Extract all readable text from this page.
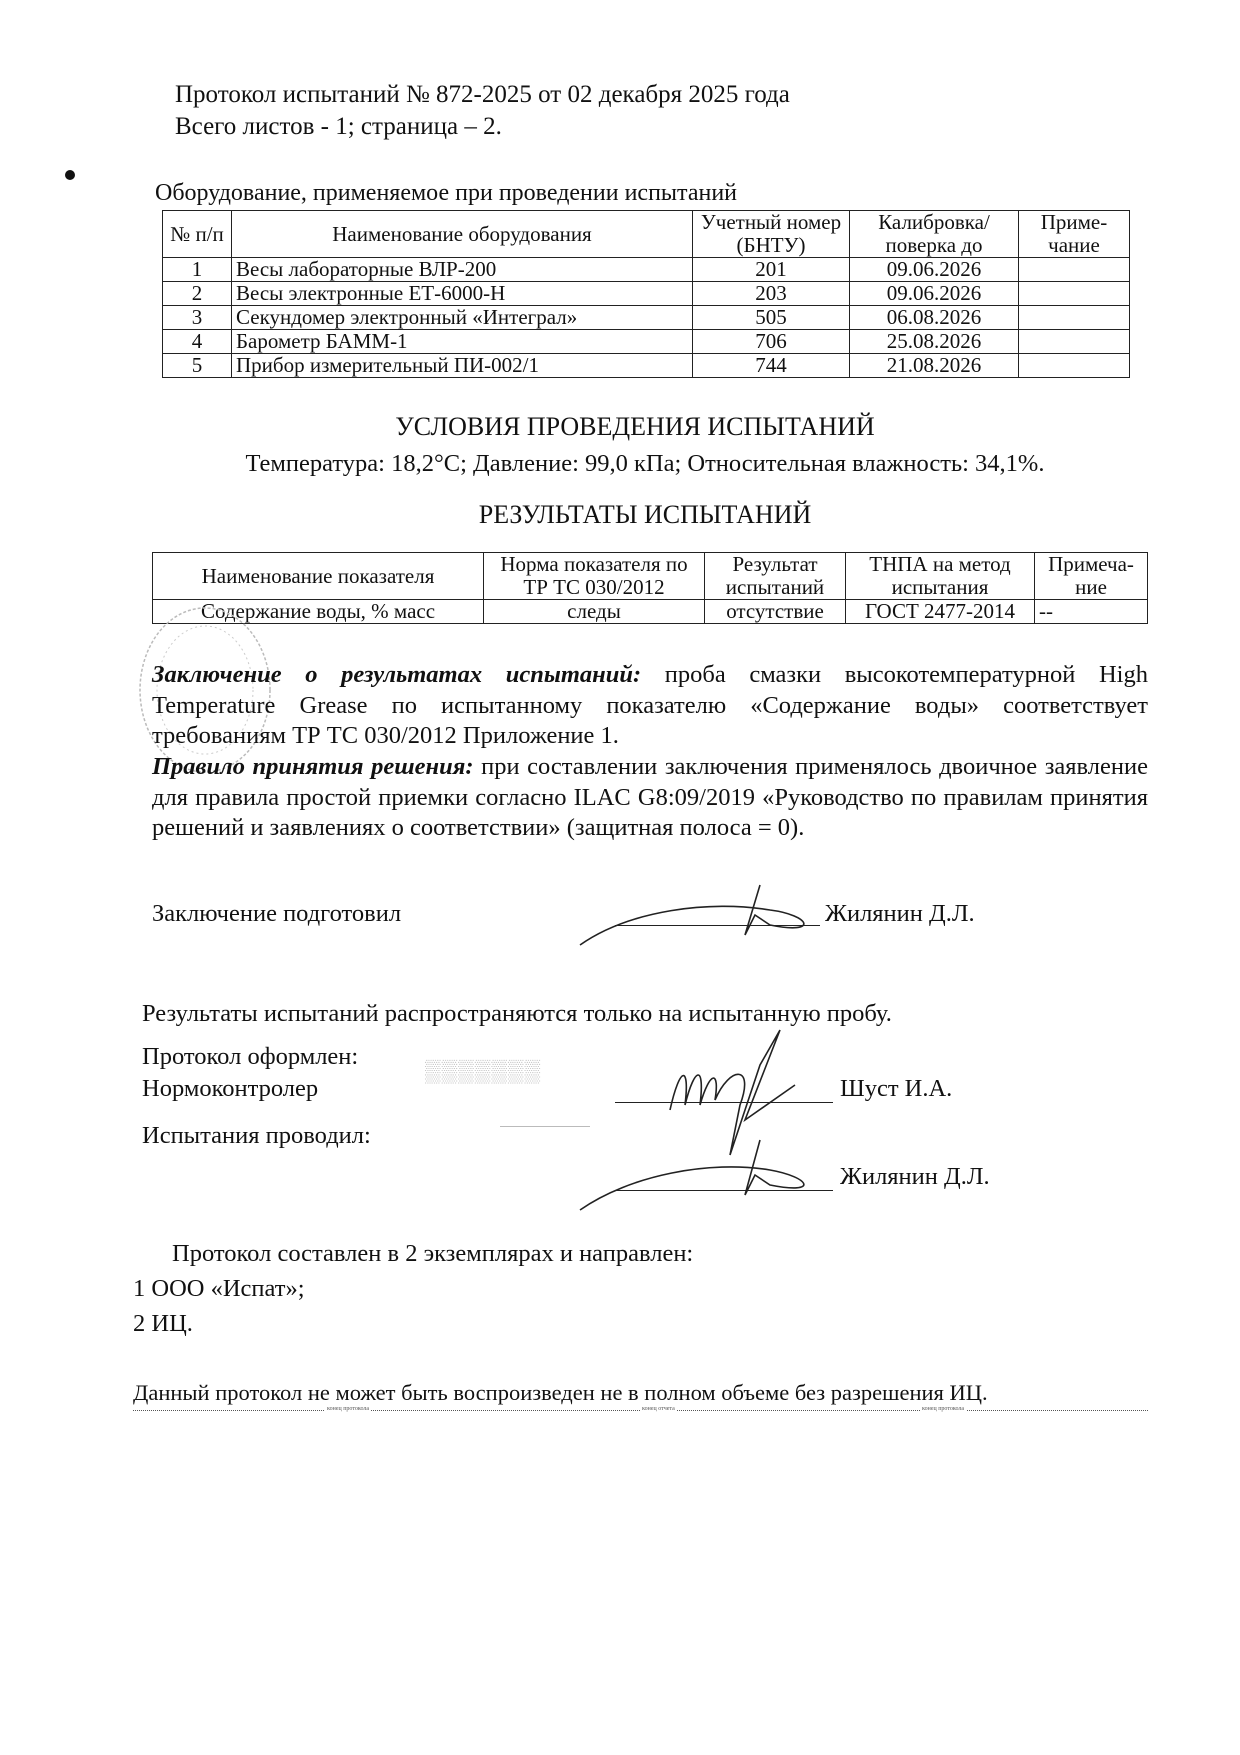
Протокол испытаний № 872-2025 от 02 декабря 2025 года
Всего листов - 1; страница – 2.
Оборудование, применяемое при проведении испытаний
№ п/п	Наименование оборудования	Учетный номер (БНТУ)	Калибровка/ поверка до	Приме- чание
1	Весы лабораторные ВЛР-200	201	09.06.2026	
2	Весы электронные ЕТ-6000-Н	203	09.06.2026	
3	Секундомер электронный «Интеграл»	505	06.08.2026	
4	Барометр БАММ-1	706	25.08.2026	
5	Прибор измерительный ПИ-002/1	744	21.08.2026	
УСЛОВИЯ ПРОВЕДЕНИЯ ИСПЫТАНИЙ
Температура: 18,2°С; Давление: 99,0 кПа; Относительная влажность: 34,1%.
РЕЗУЛЬТАТЫ ИСПЫТАНИЙ
Наименование показателя	Норма показателя по ТР ТС 030/2012	Результат испытаний	ТНПА на метод испытания	Примеча- ние
Содержание воды, % масс	следы	отсутствие	ГОСТ 2477-2014	--
Заключение о результатах испытаний: проба смазки высокотемпературной High Temperature Grease по испытанному показателю «Содержание воды» соответствует требованиям ТР ТС 030/2012 Приложение 1.
Правило принятия решения: при составлении заключения применялось двоичное заявление для правила простой приемки согласно ILAC G8:09/2019 «Руководство по правилам принятия решений и заявлениях о соответствии» (защитная полоса = 0).
Заключение подготовил	Жилянин Д.Л.
Результаты испытаний распространяются только на испытанную пробу.
Протокол оформлен:
Нормоконтролер
▒▒▒▒▒▒▒
Шуст И.А.
Испытания проводил:
Жилянин Д.Л.
Протокол составлен в 2 экземплярах и направлен:
1 ООО «Испат»;
2 ИЦ.
Данный протокол не может быть воспроизведен не в полном объеме без разрешения ИЦ.
конец протокола	конец отчета	конец протокола
